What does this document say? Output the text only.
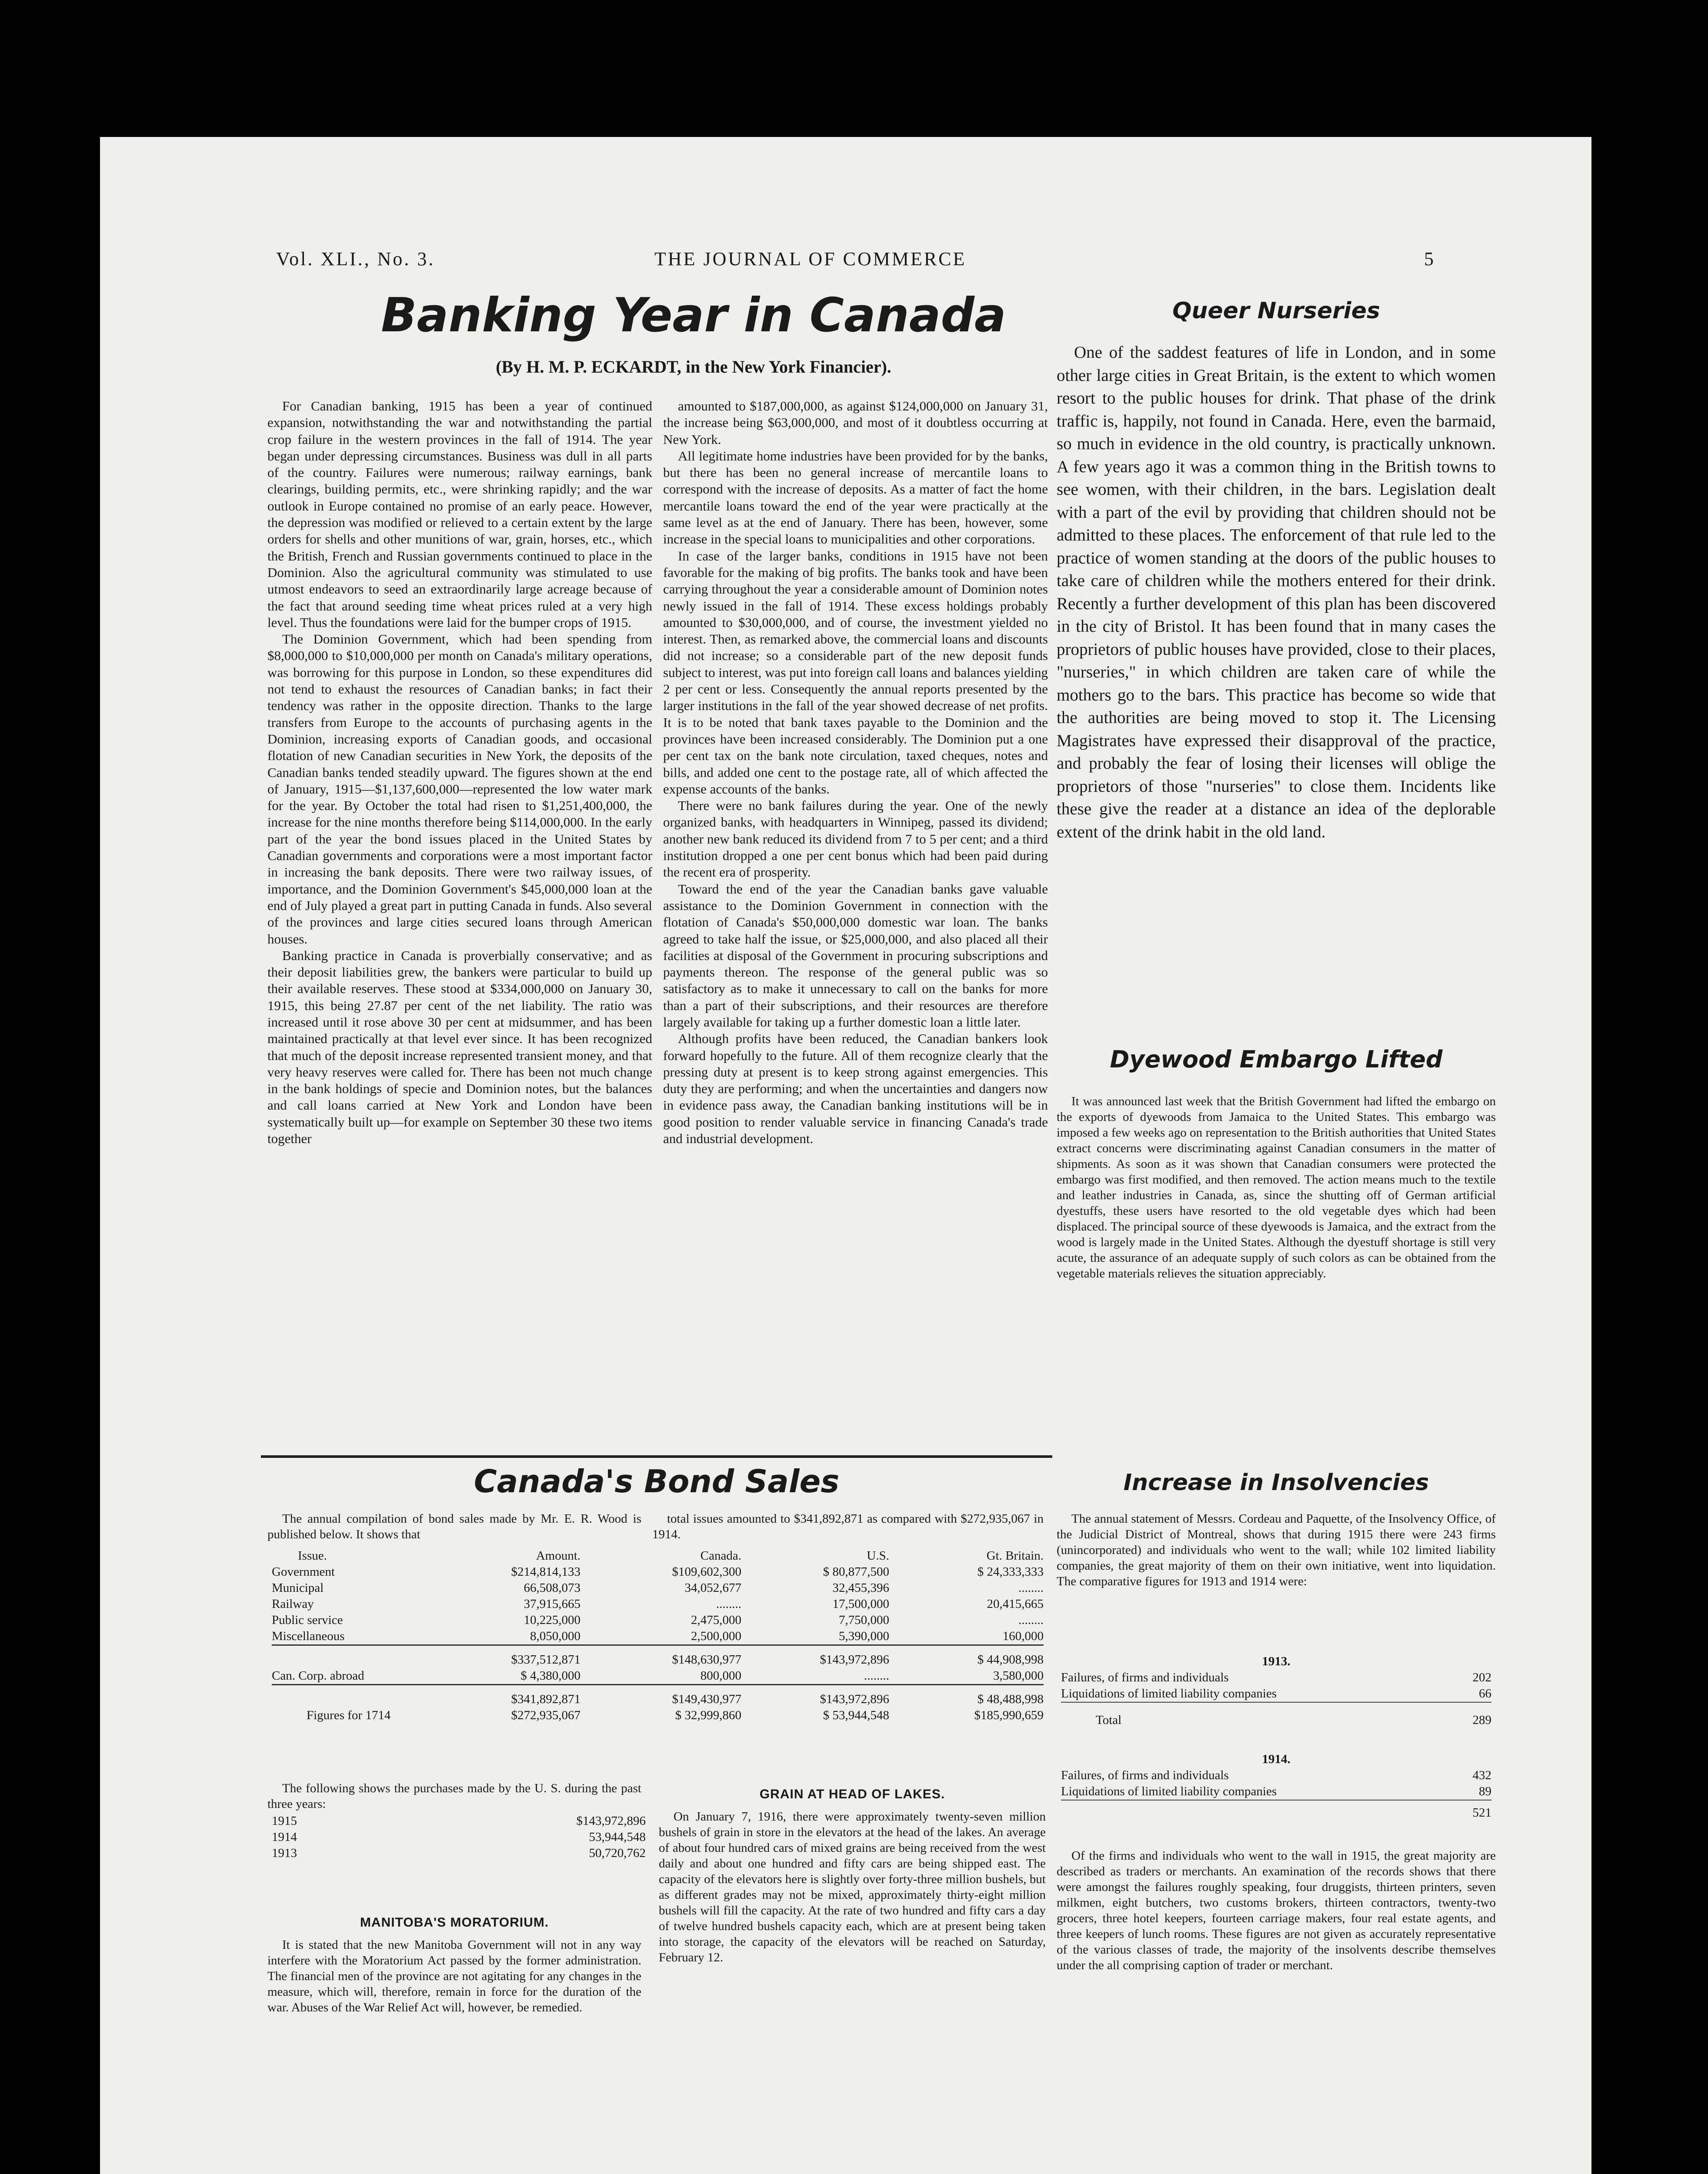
Vol. XLI., No. 3.	THE JOURNAL OF COMMERCE	5
Banking Year in Canada
(By H. M. P. ECKARDT, in the New York Financier).

For Canadian banking, 1915 has been a year of continued expansion, notwithstanding the war and notwithstanding the partial crop failure in the western provinces in the fall of 1914. The year began under depressing circumstances. Business was dull in all parts of the country. Failures were numerous; railway earnings, bank clearings, building permits, etc., were shrinking rapidly; and the war outlook in Europe contained no promise of an early peace. However, the depression was modified or relieved to a certain extent by the large orders for shells and other munitions of war, grain, horses, etc., which the British, French and Russian governments continued to place in the Dominion. Also the agricultural community was stimulated to use utmost endeavors to seed an extraordinarily large acreage because of the fact that around seeding time wheat prices ruled at a very high level. Thus the foundations were laid for the bumper crops of 1915.

The Dominion Government, which had been spending from $8,000,000 to $10,000,000 per month on Canada's military operations, was borrowing for this purpose in London, so these expenditures did not tend to exhaust the resources of Canadian banks; in fact their tendency was rather in the opposite direction. Thanks to the large transfers from Europe to the accounts of purchasing agents in the Dominion, increasing exports of Canadian goods, and occasional flotation of new Canadian securities in New York, the deposits of the Canadian banks tended steadily upward. The figures shown at the end of January, 1915—$1,137,600,000—represented the low water mark for the year. By October the total had risen to $1,251,400,000, the increase for the nine months therefore being $114,000,000. In the early part of the year the bond issues placed in the United States by Canadian governments and corporations were a most important factor in increasing the bank deposits. There were two railway issues, of importance, and the Dominion Government's $45,000,000 loan at the end of July played a great part in putting Canada in funds. Also several of the provinces and large cities secured loans through American houses.

Banking practice in Canada is proverbially conservative; and as their deposit liabilities grew, the bankers were particular to build up their available reserves. These stood at $334,000,000 on January 30, 1915, this being 27.87 per cent of the net liability. The ratio was increased until it rose above 30 per cent at midsummer, and has been maintained practically at that level ever since. It has been recognized that much of the deposit increase represented transient money, and that very heavy reserves were called for. There has been not much change in the bank holdings of specie and Dominion notes, but the balances and call loans carried at New York and London have been systematically built up—for example on September 30 these two items together

amounted to $187,000,000, as against $124,000,000 on January 31, the increase being $63,000,000, and most of it doubtless occurring at New York.

All legitimate home industries have been provided for by the banks, but there has been no general increase of mercantile loans to correspond with the increase of deposits. As a matter of fact the home mercantile loans toward the end of the year were practically at the same level as at the end of January. There has been, however, some increase in the special loans to municipalities and other corporations.

In case of the larger banks, conditions in 1915 have not been favorable for the making of big profits. The banks took and have been carrying throughout the year a considerable amount of Dominion notes newly issued in the fall of 1914. These excess holdings probably amounted to $30,000,000, and of course, the investment yielded no interest. Then, as remarked above, the commercial loans and discounts did not increase; so a considerable part of the new deposit funds subject to interest, was put into foreign call loans and balances yielding 2 per cent or less. Consequently the annual reports presented by the larger institutions in the fall of the year showed decrease of net profits. It is to be noted that bank taxes payable to the Dominion and the provinces have been increased considerably. The Dominion put a one per cent tax on the bank note circulation, taxed cheques, notes and bills, and added one cent to the postage rate, all of which affected the expense accounts of the banks.

There were no bank failures during the year. One of the newly organized banks, with headquarters in Winnipeg, passed its dividend; another new bank reduced its dividend from 7 to 5 per cent; and a third institution dropped a one per cent bonus which had been paid during the recent era of prosperity.

Toward the end of the year the Canadian banks gave valuable assistance to the Dominion Government in connection with the flotation of Canada's $50,000,000 domestic war loan. The banks agreed to take half the issue, or $25,000,000, and also placed all their facilities at disposal of the Government in procuring subscriptions and payments thereon. The response of the general public was so satisfactory as to make it unnecessary to call on the banks for more than a part of their subscriptions, and their resources are therefore largely available for taking up a further domestic loan a little later.

Although profits have been reduced, the Canadian bankers look forward hopefully to the future. All of them recognize clearly that the pressing duty at present is to keep strong against emergencies. This duty they are performing; and when the uncertainties and dangers now in evidence pass away, the Canadian banking institutions will be in good position to render valuable service in financing Canada's trade and industrial development.

Queer Nurseries

One of the saddest features of life in London, and in some other large cities in Great Britain, is the extent to which women resort to the public houses for drink. That phase of the drink traffic is, happily, not found in Canada. Here, even the barmaid, so much in evidence in the old country, is practically unknown. A few years ago it was a common thing in the British towns to see women, with their children, in the bars. Legislation dealt with a part of the evil by providing that children should not be admitted to these places. The enforcement of that rule led to the practice of women standing at the doors of the public houses to take care of children while the mothers entered for their drink. Recently a further development of this plan has been discovered in the city of Bristol. It has been found that in many cases the proprietors of public houses have provided, close to their places, "nurseries," in which children are taken care of while the mothers go to the bars. This practice has become so wide that the authorities are being moved to stop it. The Licensing Magistrates have expressed their disapproval of the practice, and probably the fear of losing their licenses will oblige the proprietors of those "nurseries" to close them. Incidents like these give the reader at a distance an idea of the deplorable extent of the drink habit in the old land.

Dyewood Embargo Lifted

It was announced last week that the British Government had lifted the embargo on the exports of dyewoods from Jamaica to the United States. This embargo was imposed a few weeks ago on representation to the British authorities that United States extract concerns were discriminating against Canadian consumers in the matter of shipments. As soon as it was shown that Canadian consumers were protected the embargo was first modified, and then removed. The action means much to the textile and leather industries in Canada, as, since the shutting off of German artificial dyestuffs, these users have resorted to the old vegetable dyes which had been displaced. The principal source of these dyewoods is Jamaica, and the extract from the wood is largely made in the United States. Although the dyestuff shortage is still very acute, the assurance of an adequate supply of such colors as can be obtained from the vegetable materials relieves the situation appreciably.

Canada's Bond Sales

The annual compilation of bond sales made by Mr. E. R. Wood is published below. It shows that

total issues amounted to $341,892,871 as compared with $272,935,067 in 1914.

Issue.	Amount.	Canada.	U.S.	Gt. Britain.
Government	$214,814,133	$109,602,300	$ 80,877,500	$ 24,333,333
Municipal	66,508,073	34,052,677	32,455,396	........
Railway	37,915,665	........	17,500,000	20,415,665
Public service	10,225,000	2,475,000	7,750,000	........
Miscellaneous	8,050,000	2,500,000	5,390,000	160,000
	$337,512,871	$148,630,977	$143,972,896	$ 44,908,998
Can. Corp. abroad	$ 4,380,000	800,000	........	3,580,000
	$341,892,871	$149,430,977	$143,972,896	$ 48,488,998
Figures for 1714	$272,935,067	$ 32,999,860	$ 53,944,548	$185,990,659

The following shows the purchases made by the U. S. during the past three years:

1915	$143,972,896
1914	53,944,548
1913	50,720,762
MANITOBA'S MORATORIUM.

It is stated that the new Manitoba Government will not in any way interfere with the Moratorium Act passed by the former administration. The financial men of the province are not agitating for any changes in the measure, which will, therefore, remain in force for the duration of the war. Abuses of the War Relief Act will, however, be remedied.

GRAIN AT HEAD OF LAKES.

On January 7, 1916, there were approximately twenty-seven million bushels of grain in store in the elevators at the head of the lakes. An average of about four hundred cars of mixed grains are being received from the west daily and about one hundred and fifty cars are being shipped east. The capacity of the elevators here is slightly over forty-three million bushels, but as different grades may not be mixed, approximately thirty-eight million bushels will fill the capacity. At the rate of two hundred and fifty cars a day of twelve hundred bushels capacity each, which are at present being taken into storage, the capacity of the elevators will be reached on Saturday, February 12.

Increase in Insolvencies

The annual statement of Messrs. Cordeau and Paquette, of the Insolvency Office, of the Judicial District of Montreal, shows that during 1915 there were 243 firms (unincorporated) and individuals who went to the wall; while 102 limited liability companies, the great majority of them on their own initiative, went into liquidation. The comparative figures for 1913 and 1914 were:

1913.
Failures, of firms and individuals	202
Liquidations of limited liability companies	66
Total	289
1914.
Failures, of firms and individuals	432
Liquidations of limited liability companies	89
	521

Of the firms and individuals who went to the wall in 1915, the great majority are described as traders or merchants. An examination of the records shows that there were amongst the failures roughly speaking, four druggists, thirteen printers, seven milkmen, eight butchers, two customs brokers, thirteen contractors, twenty-two grocers, three hotel keepers, fourteen carriage makers, four real estate agents, and three keepers of lunch rooms. These figures are not given as accurately representative of the various classes of trade, the majority of the insolvents describe themselves under the all comprising caption of trader or merchant.
